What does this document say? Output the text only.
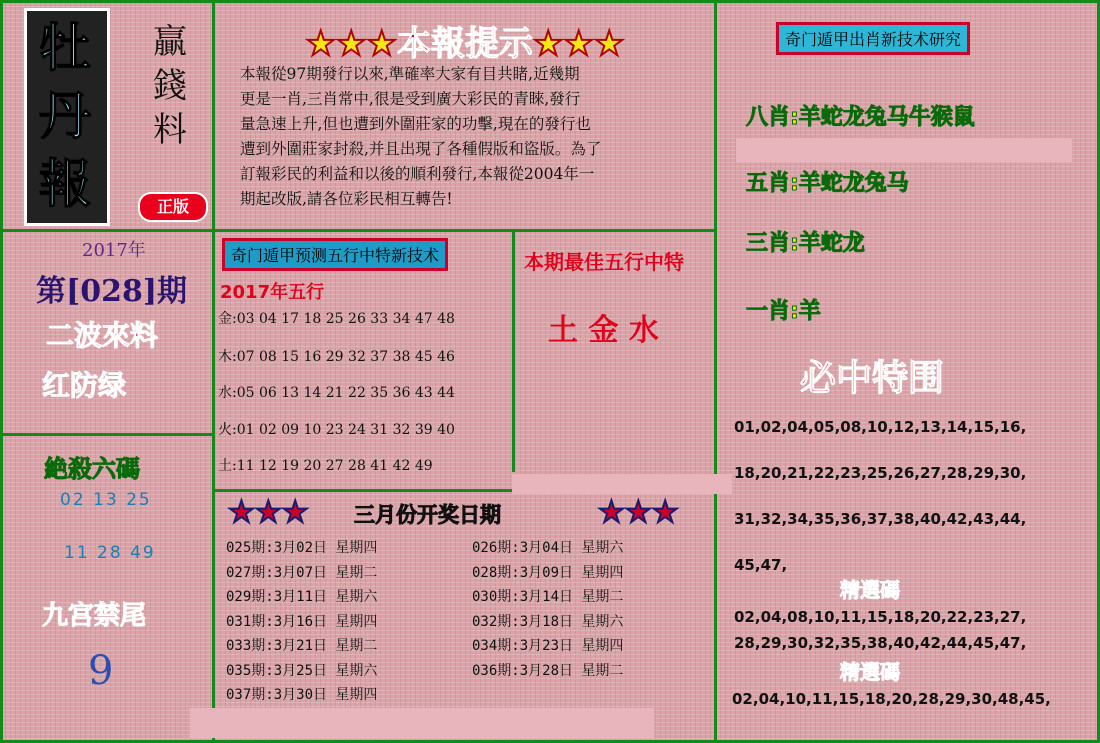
牡
丹
報
贏
錢
料
正版
★★★本報提示★★★
本報從97期發行以來,準確率大家有目共睹,近幾期
更是一肖,三肖常中,很是受到廣大彩民的青睞,發行
量急速上升,但也遭到外圍莊家的功擊,現在的發行也
遭到外圍莊家封殺,并且出現了各種假版和盜版。為了
訂報彩民的利益和以後的順利發行,本報從2004年一
期起改版,請各位彩民相互轉告!
2017年
第[028]期
二波來料
红防绿
絶殺六碼
02 13 25
11 28 49
九宫禁尾
9
奇门遁甲预测五行中特新技术
2017年五行
金:03 04 17 18 25 26 33 34 47 48
木:07 08 15 16 29 32 37 38 45 46
水:05 06 13 14 21 22 35 36 43 44
火:01 02 09 10 23 24 31 32 39 40
土:11 12 19 20 27 28 41 42 49
本期最佳五行中特
土 金 水
★★★ 三月份开奖日期	★★★
025期:3月02日 星期四
027期:3月07日 星期二
029期:3月11日 星期六
031期:3月16日 星期四
033期:3月21日 星期二
035期:3月25日 星期六
037期:3月30日 星期四
026期:3月04日 星期六
028期:3月09日 星期四
030期:3月14日 星期二
032期:3月18日 星期六
034期:3月23日 星期四
036期:3月28日 星期二
奇门遁甲出肖新技术研究
八肖:羊蛇龙兔马牛猴鼠
五肖:羊蛇龙兔马
三肖:羊蛇龙
一肖:羊
必中特围
01,02,04,05,08,10,12,13,14,15,16,
18,20,21,22,23,25,26,27,28,29,30,
31,32,34,35,36,37,38,40,42,43,44,
45,47,
精選碼
02,04,08,10,11,15,18,20,22,23,27,
28,29,30,32,35,38,40,42,44,45,47,
精選碼
02,04,10,11,15,18,20,28,29,30,48,45,
